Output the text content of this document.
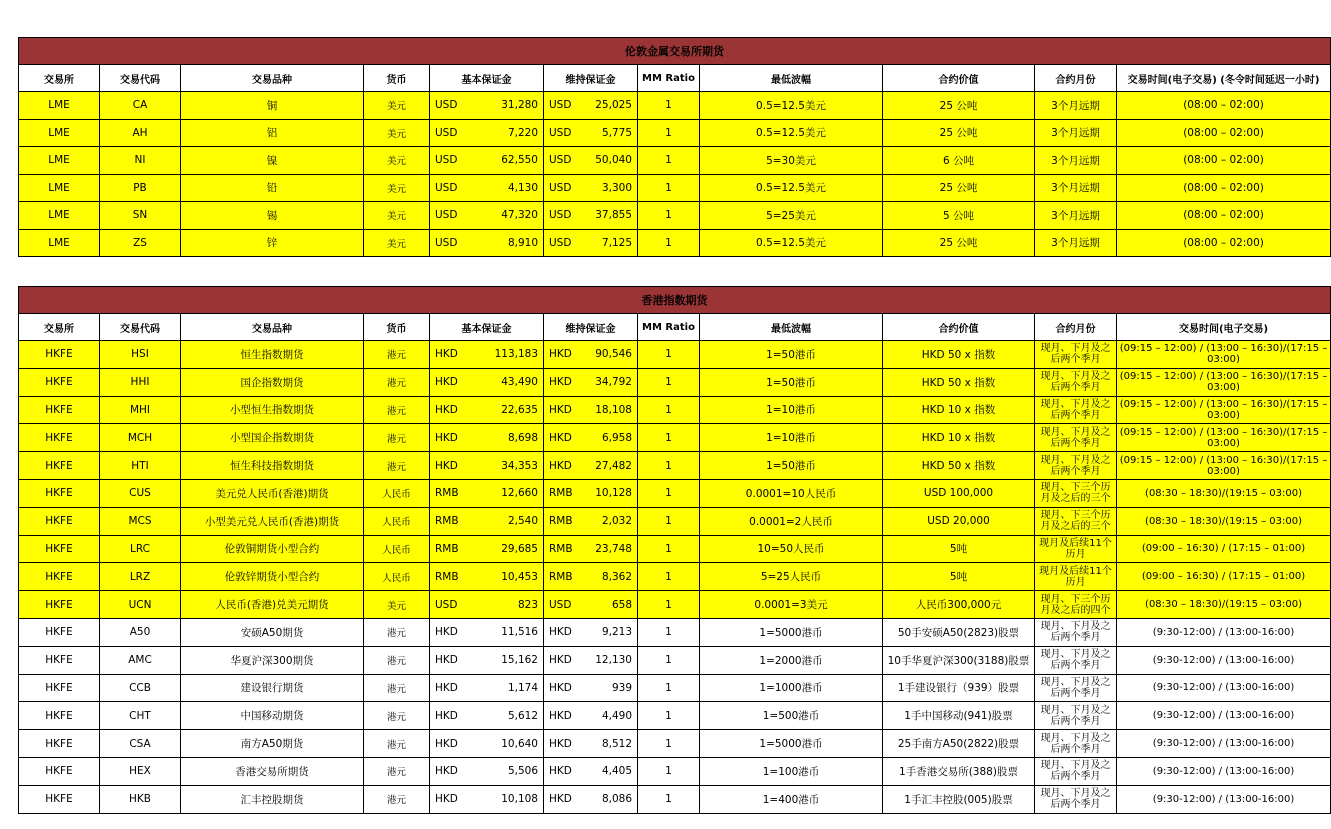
伦敦金属交易所期货										
交易所	交易代码	交易品种	货币	基本保证金	维持保证金	MM Ratio	最低波幅	合约价值	合约月份	交易时间(电子交易) (冬令时间延迟一小时)
LME	CA	铜	美元	USD 31,280	USD 25,025	1	0.5=12.5美元	25 公吨	3个月远期	(08:00 – 02:00)
LME	AH	铝	美元	USD 7,220	USD 5,775	1	0.5=12.5美元	25 公吨	3个月远期	(08:00 – 02:00)
LME	NI	镍	美元	USD 62,550	USD 50,040	1	5=30美元	6 公吨	3个月远期	(08:00 – 02:00)
LME	PB	铅	美元	USD 4,130	USD 3,300	1	0.5=12.5美元	25 公吨	3个月远期	(08:00 – 02:00)
LME	SN	锡	美元	USD 47,320	USD 37,855	1	5=25美元	5 公吨	3个月远期	(08:00 – 02:00)
LME	ZS	锌	美元	USD 8,910	USD 7,125	1	0.5=12.5美元	25 公吨	3个月远期	(08:00 – 02:00)
香港指数期货										
交易所	交易代码	交易品种	货币	基本保证金	维持保证金	MM Ratio	最低波幅	合约价值	合约月份	交易时间(电子交易)
HKFE	HSI	恒生指数期货	港元	HKD 113,183	HKD 90,546	1	1=50港币	HKD 50 x 指数	现月、下月及之后两个季月	(09:15 – 12:00) / (13:00 – 16:30)/(17:15 – 03:00)
HKFE	HHI	国企指数期货	港元	HKD 43,490	HKD 34,792	1	1=50港币	HKD 50 x 指数	现月、下月及之后两个季月	(09:15 – 12:00) / (13:00 – 16:30)/(17:15 – 03:00)
HKFE	MHI	小型恒生指数期货	港元	HKD 22,635	HKD 18,108	1	1=10港币	HKD 10 x 指数	现月、下月及之后两个季月	(09:15 – 12:00) / (13:00 – 16:30)/(17:15 – 03:00)
HKFE	MCH	小型国企指数期货	港元	HKD 8,698	HKD 6,958	1	1=10港币	HKD 10 x 指数	现月、下月及之后两个季月	(09:15 – 12:00) / (13:00 – 16:30)/(17:15 – 03:00)
HKFE	HTI	恒生科技指数期货	港元	HKD 34,353	HKD 27,482	1	1=50港币	HKD 50 x 指数	现月、下月及之后两个季月	(09:15 – 12:00) / (13:00 – 16:30)/(17:15 – 03:00)
HKFE	CUS	美元兑人民币(香港)期货	人民币	RMB 12,660	RMB 10,128	1	0.0001=10人民币	USD 100,000	现月、下三个历月及之后的三个	(08:30 – 18:30)/(19:15 – 03:00)
HKFE	MCS	小型美元兑人民币(香港)期货	人民币	RMB 2,540	RMB 2,032	1	0.0001=2人民币	USD 20,000	现月、下三个历月及之后的三个	(08:30 – 18:30)/(19:15 – 03:00)
HKFE	LRC	伦敦铜期货小型合约	人民币	RMB 29,685	RMB 23,748	1	10=50人民币	5吨	现月及后续11个历月	(09:00 – 16:30) / (17:15 – 01:00)
HKFE	LRZ	伦敦锌期货小型合约	人民币	RMB 10,453	RMB 8,362	1	5=25人民币	5吨	现月及后续11个历月	(09:00 – 16:30) / (17:15 – 01:00)
HKFE	UCN	人民币(香港)兑美元期货	美元	USD 823	USD 658	1	0.0001=3美元	人民币300,000元	现月、下三个历月及之后的四个	(08:30 – 18:30)/(19:15 – 03:00)
HKFE	A50	安硕A50期货	港元	HKD 11,516	HKD 9,213	1	1=5000港币	50手安硕A50(2823)股票	现月、下月及之后两个季月	(9:30-12:00) / (13:00-16:00)
HKFE	AMC	华夏沪深300期货	港元	HKD 15,162	HKD 12,130	1	1=2000港币	10手华夏沪深300(3188)股票	现月、下月及之后两个季月	(9:30-12:00) / (13:00-16:00)
HKFE	CCB	建设银行期货	港元	HKD 1,174	HKD 939	1	1=1000港币	1手建设银行（939）股票	现月、下月及之后两个季月	(9:30-12:00) / (13:00-16:00)
HKFE	CHT	中国移动期货	港元	HKD 5,612	HKD 4,490	1	1=500港币	1手中国移动(941)股票	现月、下月及之后两个季月	(9:30-12:00) / (13:00-16:00)
HKFE	CSA	南方A50期货	港元	HKD 10,640	HKD 8,512	1	1=5000港币	25手南方A50(2822)股票	现月、下月及之后两个季月	(9:30-12:00) / (13:00-16:00)
HKFE	HEX	香港交易所期货	港元	HKD 5,506	HKD 4,405	1	1=100港币	1手香港交易所(388)股票	现月、下月及之后两个季月	(9:30-12:00) / (13:00-16:00)
HKFE	HKB	汇丰控股期货	港元	HKD 10,108	HKD 8,086	1	1=400港币	1手汇丰控股(005)股票	现月、下月及之后两个季月	(9:30-12:00) / (13:00-16:00)
